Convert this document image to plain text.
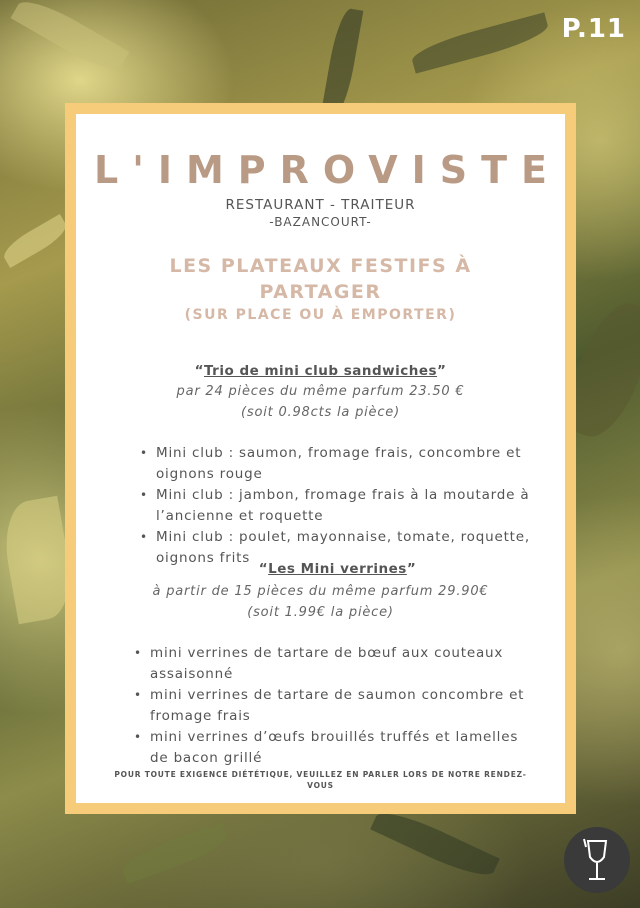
P.11
L'IMPROVISTE
RESTAURANT - TRAITEUR
-BAZANCOURT-
LES PLATEAUX FESTIFS À
PARTAGER
(SUR PLACE OU À EMPORTER)
“Trio de mini club sandwiches”
par 24 pièces du même parfum 23.50 €
(soit 0.98cts la pièce)
• Mini club : saumon, fromage frais, concombre et
oignons rouge
• Mini club : jambon, fromage frais à la moutarde à
l’ancienne et roquette
• Mini club : poulet, mayonnaise, tomate, roquette,
oignons frits
“Les Mini verrines”
à partir de 15 pièces du même parfum 29.90€
(soit 1.99€ la pièce)
• mini verrines de tartare de bœuf aux couteaux
assaisonné
• mini verrines de tartare de saumon concombre et
fromage frais
• mini verrines d’œufs brouillés truffés et lamelles
de bacon grillé
POUR TOUTE EXIGENCE DIÉTÉTIQUE, VEUILLEZ EN PARLER LORS DE NOTRE RENDEZ-VOUS
